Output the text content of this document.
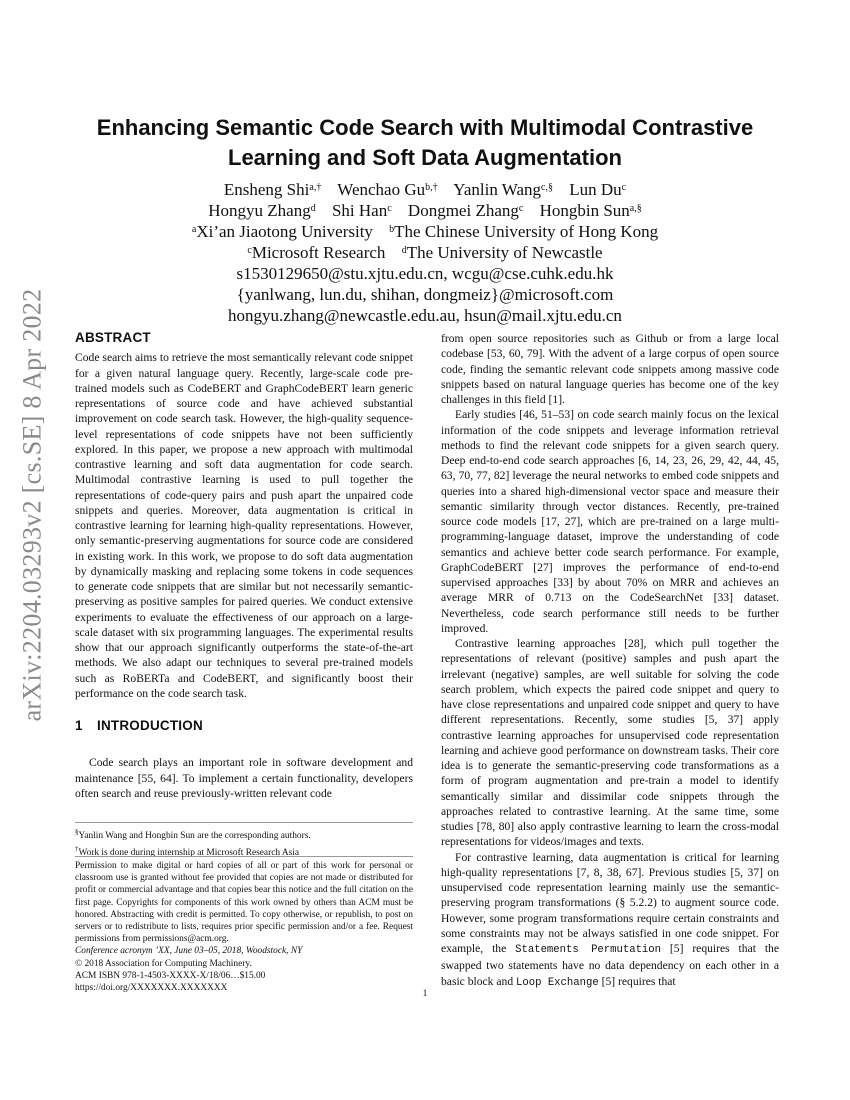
arXiv:2204.03293v2 [cs.SE] 8 Apr 2022
Enhancing Semantic Code Search with Multimodal Contrastive
Learning and Soft Data Augmentation
Ensheng Shi$^{a,\dagger}$ Wenchao $Gu^{b,\dagger}$ Yanlin Wang$^{c,\S}$ Lun Du$^c$
Hongyu Zhang$^d$ Shi Han$^c$ Dongmei Zhang$^c$ Hongbin Sun$^{a,\S}$
$^a$Xi’an Jiaotong University $^b$The Chinese University of Hong Kong
$^c$Microsoft Research $^d$The University of Newcastle
s1530129650@stu.xjtu.edu.cn, wcgu@cse.cuhk.edu.hk
{yanlwang, lun.du, shihan, dongmeiz}@microsoft.com
hongyu.zhang@newcastle.edu.au, hsun@mail.xjtu.edu.cn
ABSTRACT

Code search aims to retrieve the most semantically relevant code snippet for a given natural language query. Recently, large-scale code pre-trained models such as CodeBERT and GraphCodeBERT learn generic representations of source code and have achieved substantial improvement on code search task. However, the high-quality sequence-level representations of code snippets have not been sufficiently explored. In this paper, we propose a new approach with multimodal contrastive learning and soft data augmentation for code search. Multimodal contrastive learning is used to pull together the representations of code-query pairs and push apart the unpaired code snippets and queries. Moreover, data augmentation is critical in contrastive learning for learning high-quality representations. However, only semantic-preserving augmentations for source code are considered in existing work. In this work, we propose to do soft data augmentation by dynamically masking and replacing some tokens in code sequences to generate code snippets that are similar but not necessarily semantic-preserving as positive samples for paired queries. We conduct extensive experiments to evaluate the effectiveness of our approach on a large-scale dataset with six programming languages. The experimental results show that our approach significantly outperforms the state-of-the-art methods. We also adapt our techniques to several pre-trained models such as RoBERTa and CodeBERT, and significantly boost their performance on the code search task.

1 INTRODUCTION

Code search plays an important role in software development and maintenance [55, 64]. To implement a certain functionality, developers often search and reuse previously-written relevant code

§Yanlin Wang and Hongbin Sun are the corresponding authors.
†Work is done during internship at Microsoft Research Asia

Permission to make digital or hard copies of all or part of this work for personal or classroom use is granted without fee provided that copies are not made or distributed for profit or commercial advantage and that copies bear this notice and the full citation on the first page. Copyrights for components of this work owned by others than ACM must be honored. Abstracting with credit is permitted. To copy otherwise, or republish, to post on servers or to redistribute to lists, requires prior specific permission and/or a fee. Request permissions from permissions@acm.org.

Conference acronym ’XX, June 03–05, 2018, Woodstock, NY

© 2018 Association for Computing Machinery.

ACM ISBN 978-1-4503-XXXX-X/18/06…$15.00

https://doi.org/XXXXXXX.XXXXXXX

from open source repositories such as Github or from a large local codebase [53, 60, 79]. With the advent of a large corpus of open source code, finding the semantic relevant code snippets among massive code snippets based on natural language queries has become one of the key challenges in this field [1].

Early studies [46, 51–53] on code search mainly focus on the lexical information of the code snippets and leverage information retrieval methods to find the relevant code snippets for a given search query. Deep end-to-end code search approaches [6, 14, 23, 26, 29, 42, 44, 45, 63, 70, 77, 82] leverage the neural networks to embed code snippets and queries into a shared high-dimensional vector space and measure their semantic similarity through vector distances. Recently, pre-trained source code models [17, 27], which are pre-trained on a large multi-programming-language dataset, improve the understanding of code semantics and achieve better code search performance. For example, GraphCodeBERT [27] improves the performance of end-to-end supervised approaches [33] by about 70% on MRR and achieves an average MRR of 0.713 on the CodeSearchNet [33] dataset. Nevertheless, code search performance still needs to be further improved.

Contrastive learning approaches [28], which pull together the representations of relevant (positive) samples and push apart the irrelevant (negative) samples, are well suitable for solving the code search problem, which expects the paired code snippet and query to have close representations and unpaired code snippet and query to have different representations. Recently, some studies [5, 37] apply contrastive learning approaches for unsupervised code representation learning and achieve good performance on downstream tasks. Their core idea is to generate the semantic-preserving code transformations as a form of program augmentation and pre-train a model to identify semantically similar and dissimilar code snippets through the approaches related to contrastive learning. At the same time, some studies [78, 80] also apply contrastive learning to learn the cross-modal representations for videos/images and texts.

For contrastive learning, data augmentation is critical for learning high-quality representations [7, 8, 38, 67]. Previous studies [5, 37] on unsupervised code representation learning mainly use the semantic-preserving program transformations (§ 5.2.2) to augment source code. However, some program transformations require certain constraints and some constraints may not be always satisfied in one code snippet. For example, the Statements Permutation [5] requires that the swapped two statements have no data dependency on each other in a basic block and Loop Exchange [5] requires that

1
